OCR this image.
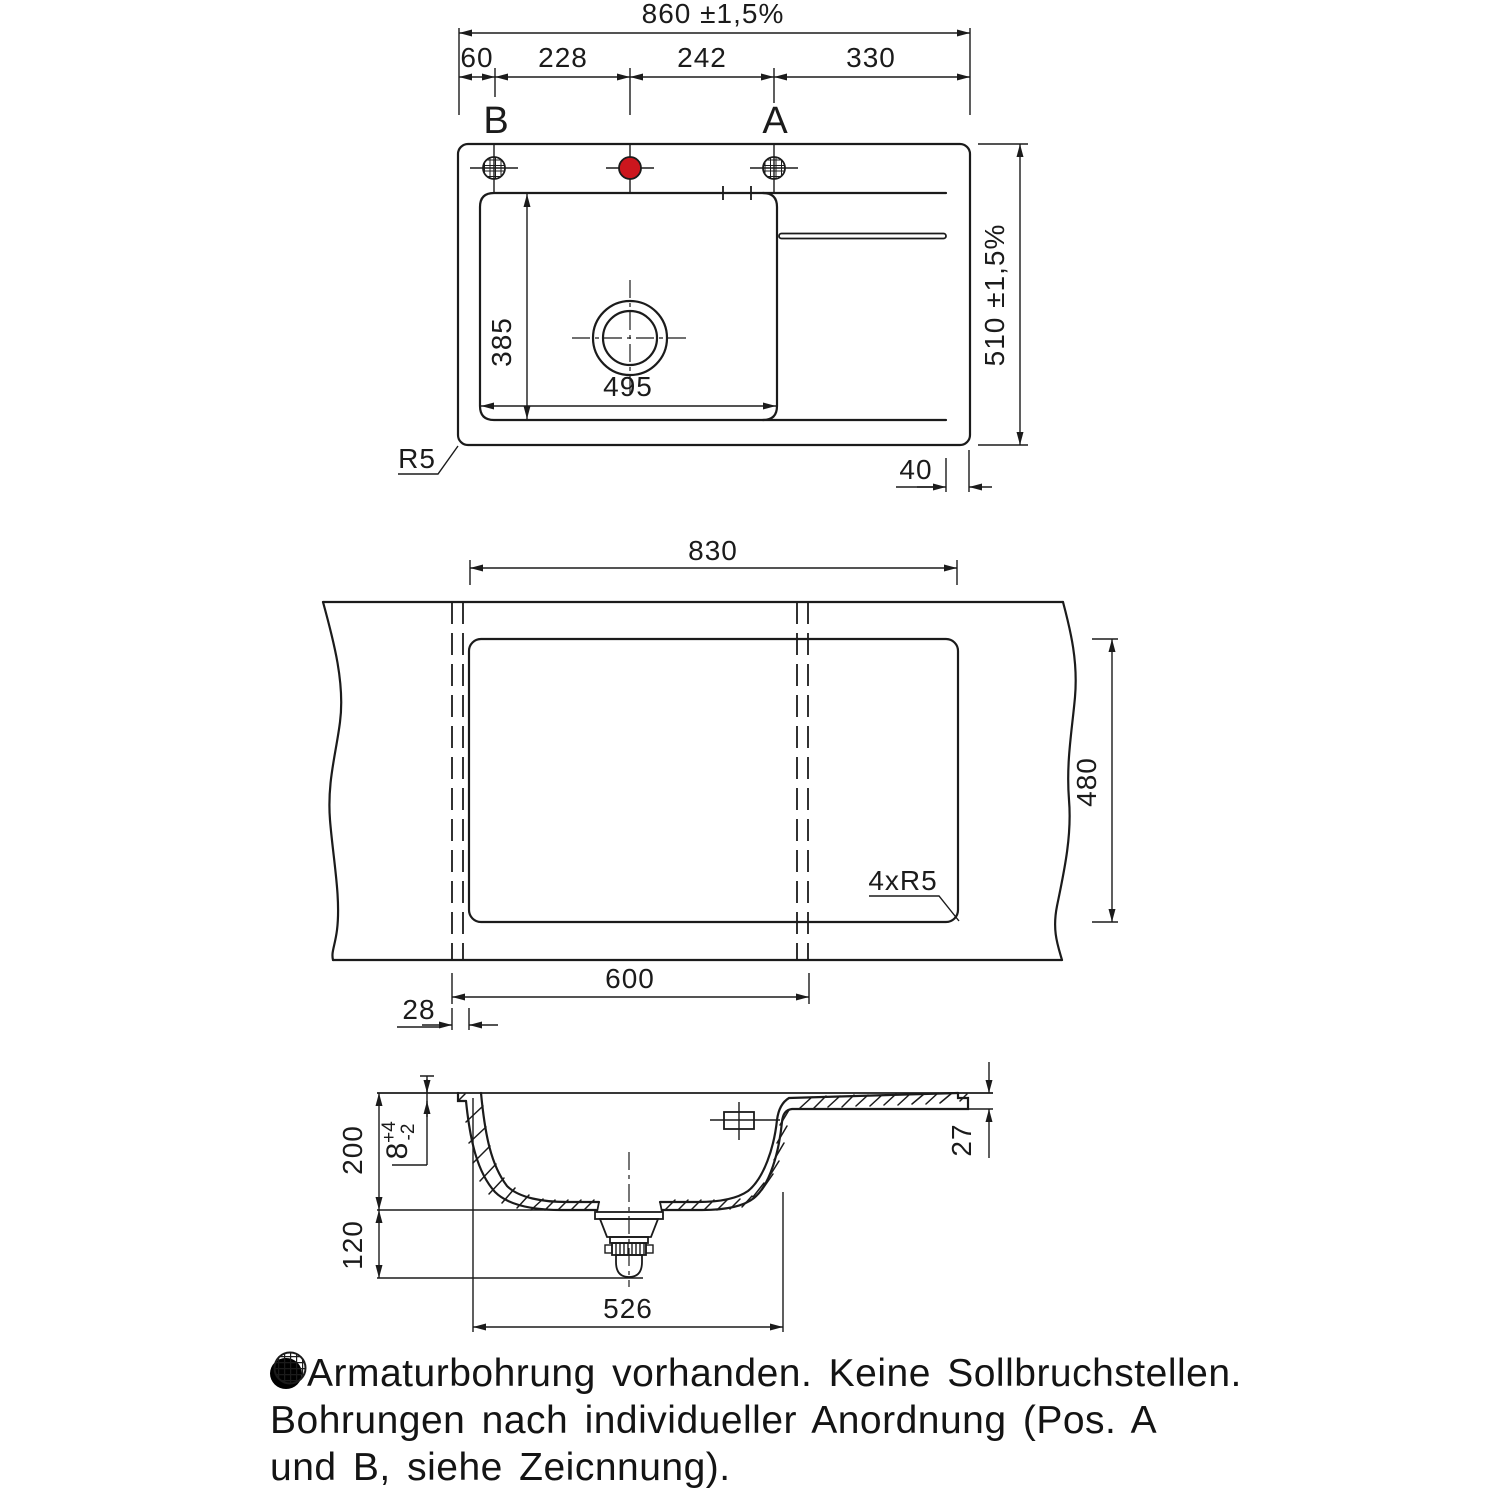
860 ±1,5%
60 228	242	330
B	A
510 ±1,5%
40
R5
495
385
830
480
600
28
4xR5
200
120
8
+4
-2
526
27
Armaturbohrung vorhanden. Keine Sollbruchstellen.
Bohrungen nach individueller Anordnung (
Pos. A
und B, siehe Zeicnnung).
